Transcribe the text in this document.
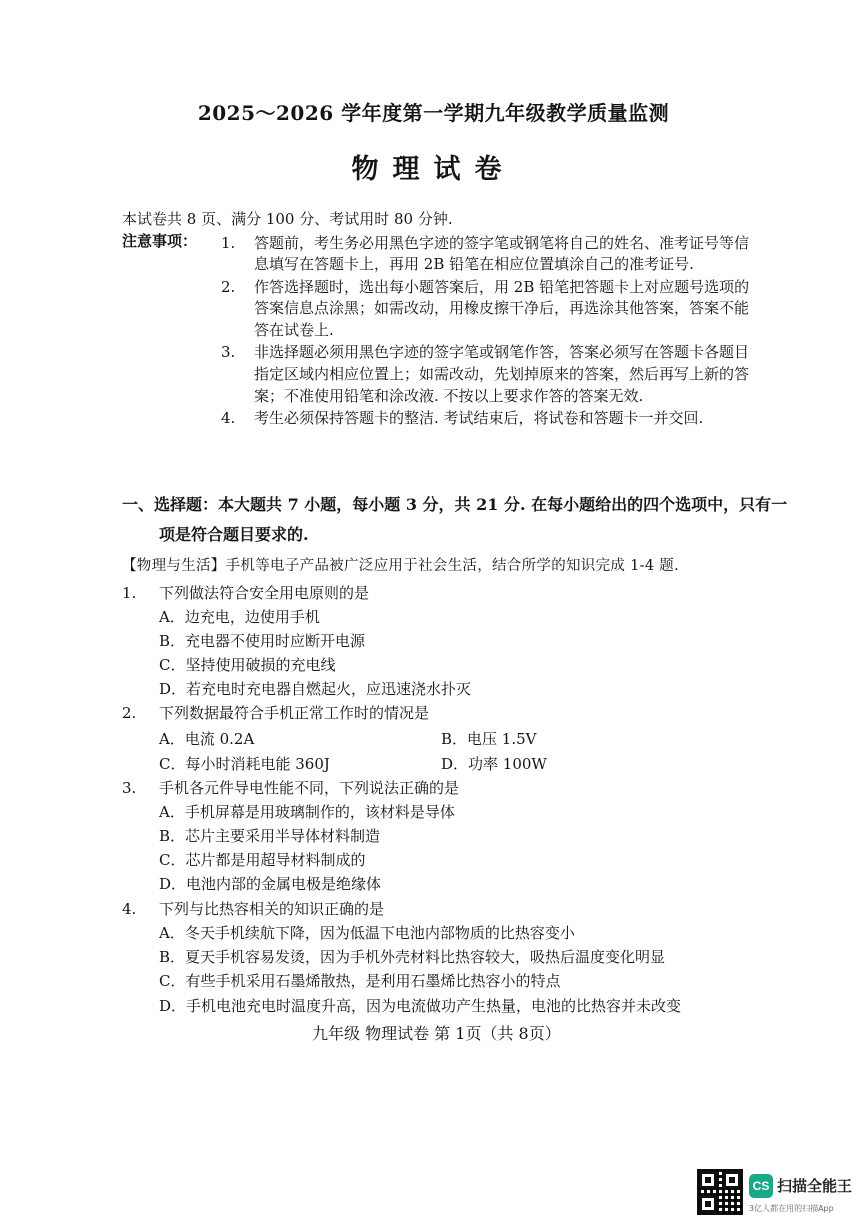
2025～2026 学年度第一学期九年级教学质量监测
物理试卷
本试卷共 8 页、满分 100 分、考试用时 80 分钟.
注意事项： 1. 答题前，考生务必用黑色字迹的签字笔或钢笔将自己的姓名、准考证号等信
息填写在答题卡上，再用 2B 铅笔在相应位置填涂自己的准考证号.
2. 作答选择题时，选出每小题答案后，用 2B 铅笔把答题卡上对应题号选项的
答案信息点涂黑；如需改动，用橡皮擦干净后，再选涂其他答案，答案不能
答在试卷上.
3. 非选择题必须用黑色字迹的签字笔或钢笔作答，答案必须写在答题卡各题目
指定区域内相应位置上；如需改动，先划掉原来的答案，然后再写上新的答
案；不准使用铅笔和涂改液. 不按以上要求作答的答案无效.
4. 考生必须保持答题卡的整洁. 考试结束后，将试卷和答题卡一并交回.
一、选择题：本大题共 7 小题，每小题 3 分，共 21 分. 在每小题给出的四个选项中，只有一
项是符合题目要求的.
【物理与生活】手机等电子产品被广泛应用于社会生活，结合所学的知识完成 1-4 题.
1. 下列做法符合安全用电原则的是
A．边充电，边使用手机
B．充电器不使用时应断开电源
C．坚持使用破损的充电线
D．若充电时充电器自燃起火，应迅速浇水扑灭
2. 下列数据最符合手机正常工作时的情况是
A．电流 0.2A	B．电压 1.5V
C．每小时消耗电能 360J	D．功率 100W
3. 手机各元件导电性能不同，下列说法正确的是
A．手机屏幕是用玻璃制作的，该材料是导体
B．芯片主要采用半导体材料制造
C．芯片都是用超导材料制成的
D．电池内部的金属电极是绝缘体
4. 下列与比热容相关的知识正确的是
A．冬天手机续航下降，因为低温下电池内部物质的比热容变小
B．夏天手机容易发烫，因为手机外壳材料比热容较大，吸热后温度变化明显
C．有些手机采用石墨烯散热，是利用石墨烯比热容小的特点
D．手机电池充电时温度升高，因为电流做功产生热量，电池的比热容并未改变
九年级 物理试卷 第 1页（共 8页）
CS 扫描全能王
3亿人都在用的扫描App
